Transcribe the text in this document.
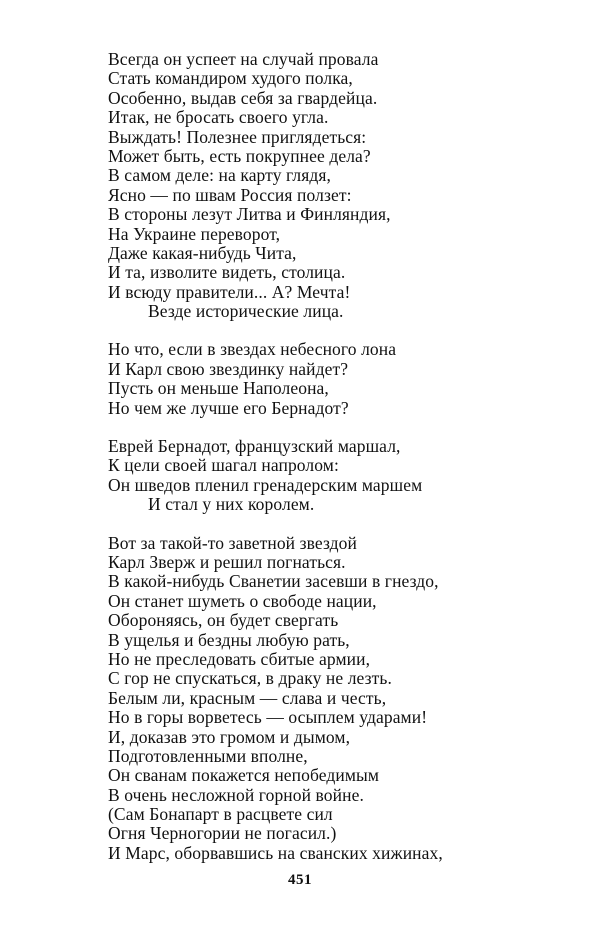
Всегда он успеет на случай провала
Стать командиром худого полка,
Особенно, выдав себя за гвардейца.
Итак, не бросать своего угла.
Выждать! Полезнее приглядеться:
Может быть, есть покрупнее дела?
В самом деле: на карту глядя,
Ясно — по швам Россия ползет:
В стороны лезут Литва и Финляндия,
На Украине переворот,
Даже какая-нибудь Чита,
И та, изволите видеть, столица.
И всюду правители... А? Мечта!
Везде исторические лица.
Но что, если в звездах небесного лона
И Карл свою звездинку найдет?
Пусть он меньше Наполеона,
Но чем же лучше его Бернадот?
Еврей Бернадот, французский маршал,
К цели своей шагал напролом:
Он шведов пленил гренадерским маршем
И стал у них королем.
Вот за такой-то заветной звездой
Карл Зверж и решил погнаться.
В какой-нибудь Сванетии засевши в гнездо,
Он станет шуметь о свободе нации,
Обороняясь, он будет свергать
В ущелья и бездны любую рать,
Но не преследовать сбитые армии,
С гор не спускаться, в драку не лезть.
Белым ли, красным — слава и честь,
Но в горы ворветесь — осыплем ударами!
И, доказав это громом и дымом,
Подготовленными вполне,
Он сванам покажется непобедимым
В очень несложной горной войне.
(Сам Бонапарт в расцвете сил
Огня Черногории не погасил.)
И Марс, оборвавшись на сванских хижинах,
451
